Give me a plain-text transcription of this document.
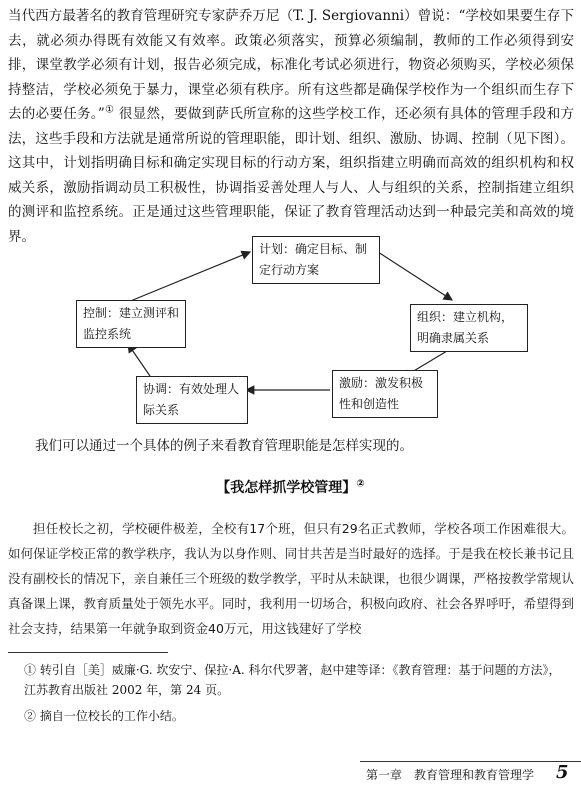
当代西方最著名的教育管理研究专家萨乔万尼（T. J. Sergiovanni）曾说：“学校如果要生存下去，就必须办得既有效能又有效率。政策必须落实，预算必须编制，教师的工作必须得到安排，课堂教学必须有计划，报告必须完成，标准化考试必须进行，物资必须购买，学校必须保持整洁，学校必须免于暴力，课堂必须有秩序。所有这些都是确保学校作为一个组织而生存下去的必要任务。”① 很显然，要做到萨氏所宣称的这些学校工作，还必须有具体的管理手段和方法，这些手段和方法就是通常所说的管理职能，即计划、组织、激励、协调、控制（见下图）。这其中，计划指明确目标和确定实现目标的行动方案，组织指建立明确而高效的组织机构和权威关系，激励指调动员工积极性，协调指妥善处理人与人、人与组织的关系，控制指建立组织的测评和监控系统。正是通过这些管理职能，保证了教育管理活动达到一种最完美和高效的境界。

计划：确定目标、制定行动方案
组织：建立机构，明确隶属关系
激励：激发积极性和创造性
协调：有效处理人际关系
控制：建立测评和监控系统

我们可以通过一个具体的例子来看教育管理职能是怎样实现的。

【我怎样抓学校管理】②

担任校长之初，学校硬件极差，全校有17个班，但只有29名正式教师，学校各项工作困难很大。如何保证学校正常的教学秩序，我认为以身作则、同甘共苦是当时最好的选择。于是我在校长兼书记且没有副校长的情况下，亲自兼任三个班级的数学教学，平时从未缺课，也很少调课，严格按教学常规认真备课上课，教育质量处于领先水平。同时，我利用一切场合，积极向政府、社会各界呼吁，希望得到社会支持，结果第一年就争取到资金40万元，用这钱建好了学校

① 转引自［美］威廉·G. 坎安宁、保拉·A. 科尔代罗著，赵中建等译：《教育管理：基于问题的方法》，江苏教育出版社 2002 年，第 24 页。

② 摘自一位校长的工作小结。

第一章　教育管理和教育管理学 5
